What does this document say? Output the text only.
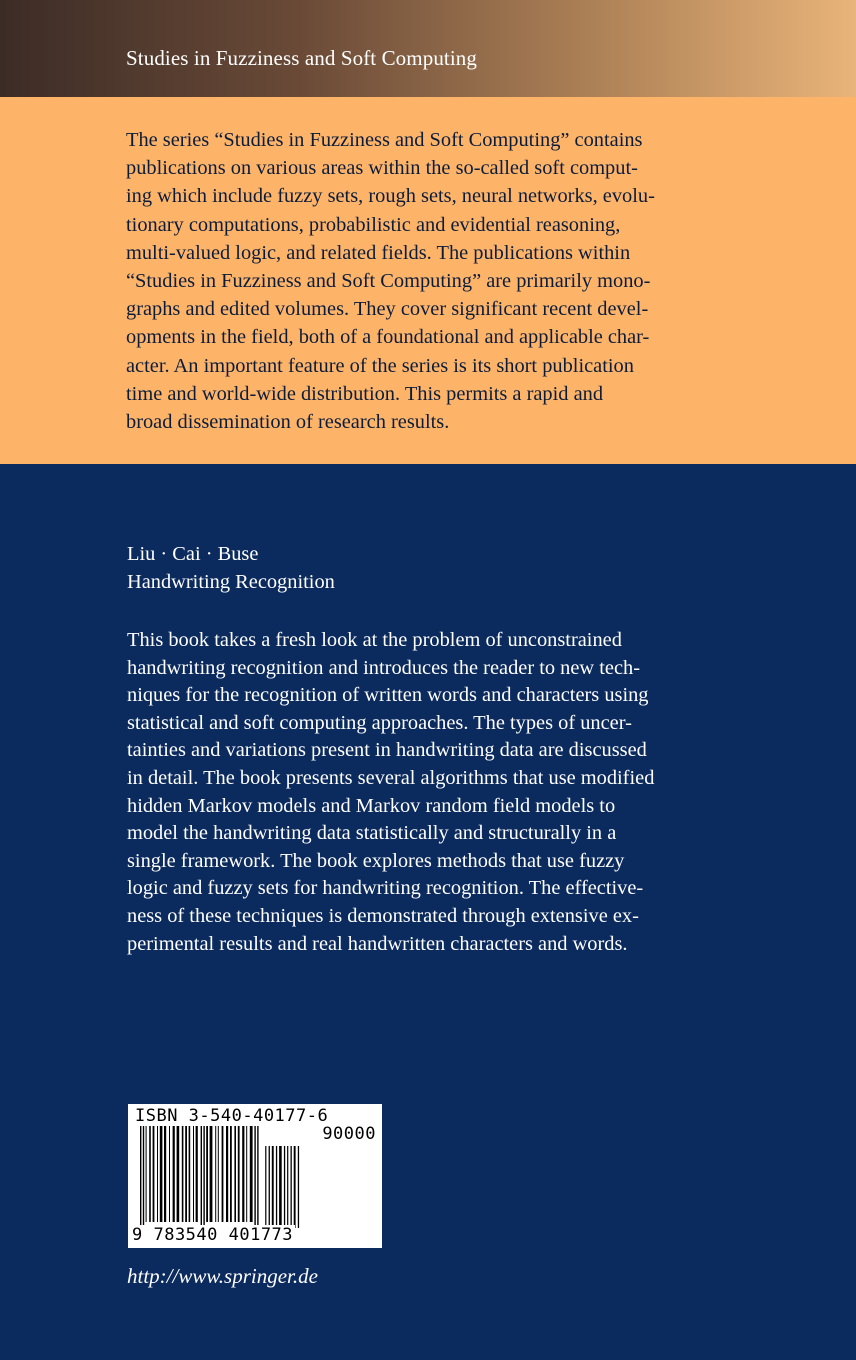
Studies in Fuzziness and Soft Computing
The series “Studies in Fuzziness and Soft Computing” contains
publications on various areas within the so-called soft comput-
ing which include fuzzy sets, rough sets, neural networks, evolu-
tionary computations, probabilistic and evidential reasoning,
multi-valued logic, and related fields. The publications within
“Studies in Fuzziness and Soft Computing” are primarily mono-
graphs and edited volumes. They cover significant recent devel-
opments in the field, both of a foundational and applicable char-
acter. An important feature of the series is its short publication
time and world-wide distribution. This permits a rapid and
broad dissemination of research results.
Liu · Cai · Buse
Handwriting Recognition
This book takes a fresh look at the problem of unconstrained
handwriting recognition and introduces the reader to new tech-
niques for the recognition of written words and characters using
statistical and soft computing approaches. The types of uncer-
tainties and variations present in handwriting data are discussed
in detail. The book presents several algorithms that use modified
hidden Markov models and Markov random field models to
model the handwriting data statistically and structurally in a
single framework. The book explores methods that use fuzzy
logic and fuzzy sets for handwriting recognition. The effective-
ness of these techniques is demonstrated through extensive ex-
perimental results and real handwritten characters and words.
ISBN 3-540-40177-6
90000
9 783540 401773
http://www.springer.de
